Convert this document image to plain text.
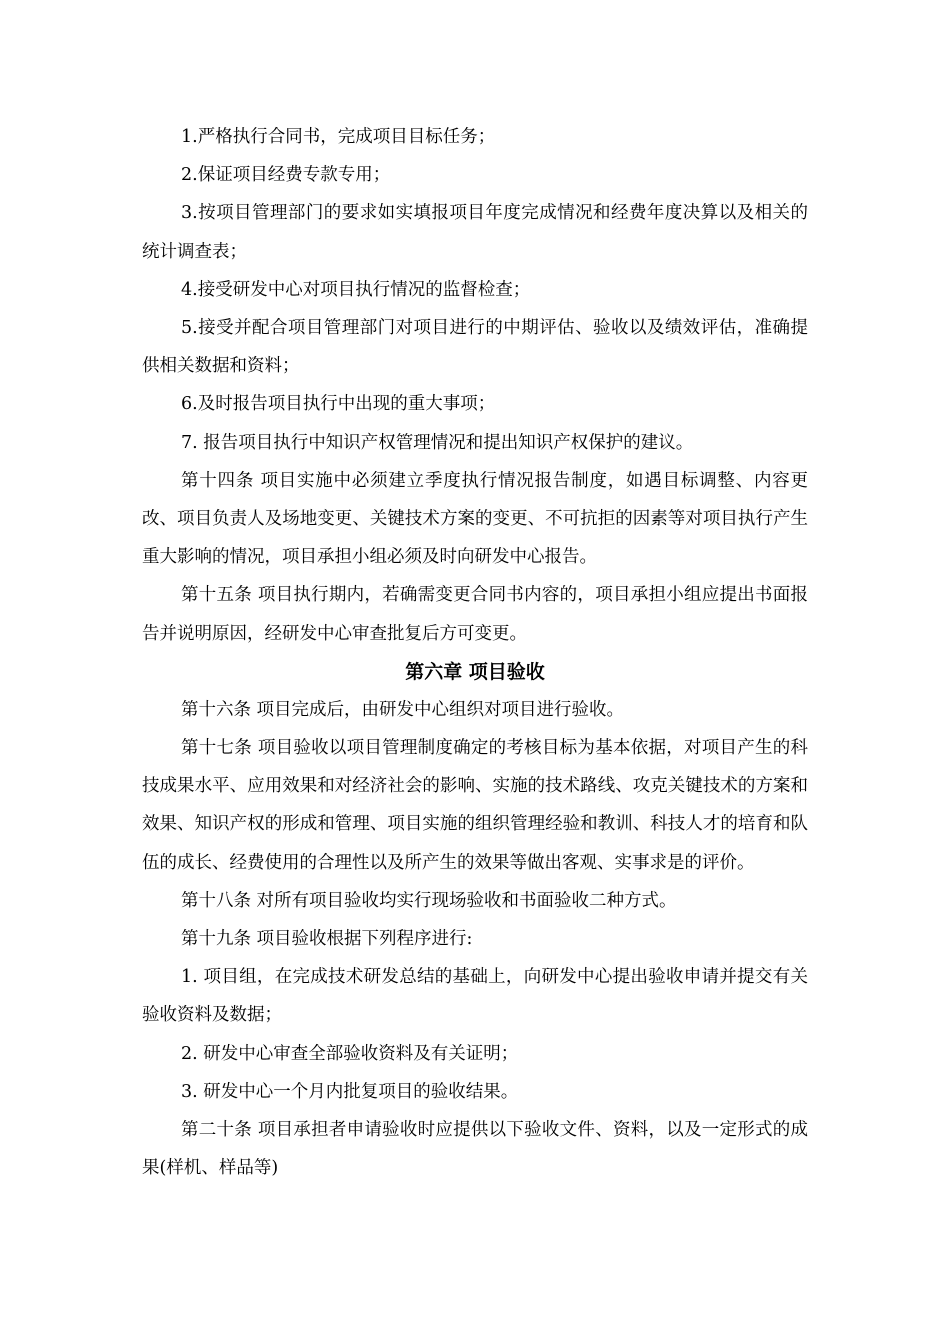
1.严格执行合同书，完成项目目标任务；

2.保证项目经费专款专用；

3.按项目管理部门的要求如实填报项目年度完成情况和经费年度决算以及相关的统计调查表；

4.接受研发中心对项目执行情况的监督检查；

5.接受并配合项目管理部门对项目进行的中期评估、验收以及绩效评估，准确提供相关数据和资料；

6.及时报告项目执行中出现的重大事项；

7. 报告项目执行中知识产权管理情况和提出知识产权保护的建议。

第十四条 项目实施中必须建立季度执行情况报告制度，如遇目标调整、内容更改、项目负责人及场地变更、关键技术方案的变更、不可抗拒的因素等对项目执行产生重大影响的情况，项目承担小组必须及时向研发中心报告。

第十五条 项目执行期内，若确需变更合同书内容的，项目承担小组应提出书面报告并说明原因，经研发中心审查批复后方可变更。

第六章 项目验收

第十六条 项目完成后，由研发中心组织对项目进行验收。

第十七条 项目验收以项目管理制度确定的考核目标为基本依据，对项目产生的科技成果水平、应用效果和对经济社会的影响、实施的技术路线、攻克关键技术的方案和效果、知识产权的形成和管理、项目实施的组织管理经验和教训、科技人才的培育和队伍的成长、经费使用的合理性以及所产生的效果等做出客观、实事求是的评价。

第十八条 对所有项目验收均实行现场验收和书面验收二种方式。

第十九条 项目验收根据下列程序进行:

1. 项目组，在完成技术研发总结的基础上，向研发中心提出验收申请并提交有关验收资料及数据；

2. 研发中心审查全部验收资料及有关证明；

3. 研发中心一个月内批复项目的验收结果。

第二十条 项目承担者申请验收时应提供以下验收文件、资料，以及一定形式的成果(样机、样品等)
